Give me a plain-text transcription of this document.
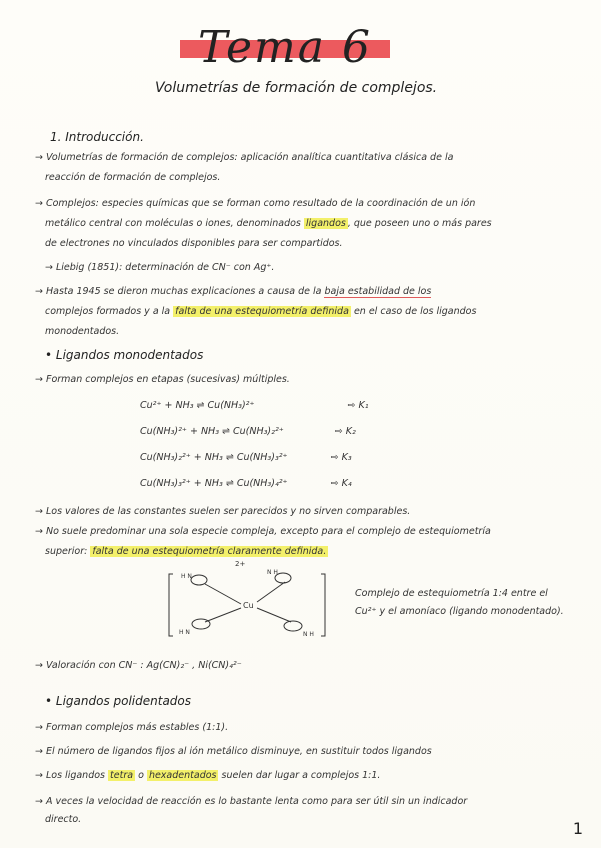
Tema 6
Volumetrías de formación de complejos.
1. Introducción.
→ Volumetrías de formación de complejos: aplicación analítica cuantitativa clásica de la
reacción de formación de complejos.
→ Complejos: especies químicas que se forman como resultado de la coordinación de un ión
metálico central con moléculas o iones, denominados ligandos , que poseen uno o más pares
de electrones no vinculados disponibles para ser compartidos.
→ Liebig (1851): determinación de CN⁻ con Ag⁺.
→ Hasta 1945 se dieron muchas explicaciones a causa de la baja estabilidad de los
complejos formados y a la falta de una estequiometría definida en el caso de los ligandos
monodentados.
• Ligandos monodentados
→ Forman complejos en etapas (sucesivas) múltiples.
Cu²⁺ + NH₃ ⇌ Cu(NH₃)²⁺	⇨ K₁
Cu(NH₃)²⁺ + NH₃ ⇌ Cu(NH₃)₂²⁺	⇨ K₂
Cu(NH₃)₂²⁺ + NH₃ ⇌ Cu(NH₃)₃²⁺	⇨ K₃
Cu(NH₃)₃²⁺ + NH₃ ⇌ Cu(NH₃)₄²⁺	⇨ K₄
→ Los valores de las constantes suelen ser parecidos y no sirven comparables.
→ No suele predominar una sola especie compleja, excepto para el complejo de estequiometría
superior: falta de una estequiometría claramente definida.
2+
Cu
H N
N H
H N	N H
Complejo de estequiometría 1:4 entre el
Cu²⁺ y el amoníaco (ligando monodentado).
→ Valoración con CN⁻ : Ag(CN)₂⁻ , Ni(CN)₄²⁻
• Ligandos polidentados
→ Forman complejos más estables (1:1).
→ El número de ligandos fijos al ión metálico disminuye, en sustituir todos ligandos
→ Los ligandos tetra o hexadentados suelen dar lugar a complejos 1:1.
→ A veces la velocidad de reacción es lo bastante lenta como para ser útil sin un indicador
directo.	1
